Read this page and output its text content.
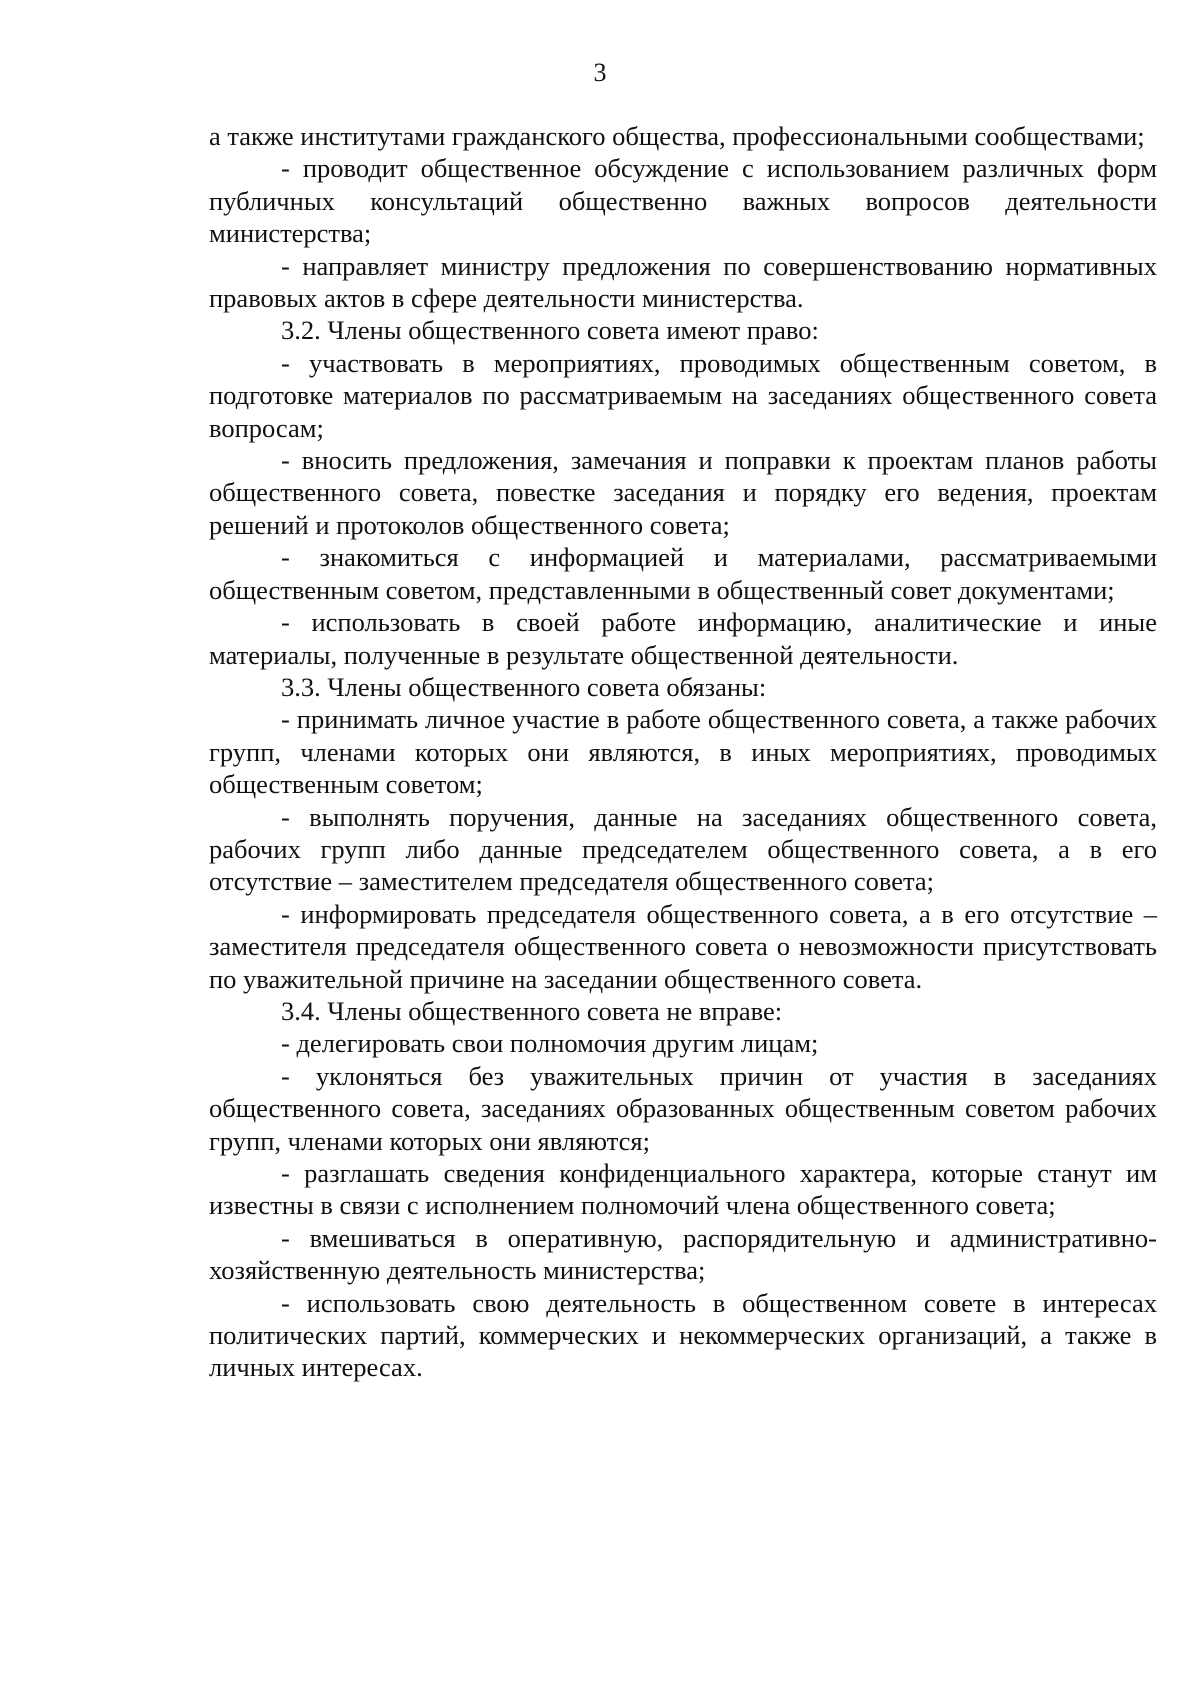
3

а также институтами гражданского общества, профессиональными сообществами;

- проводит общественное обсуждение с использованием различных форм публичных консультаций общественно важных вопросов деятельности министерства;

- направляет министру предложения по совершенствованию нормативных правовых актов в сфере деятельности министерства.

3.2. Члены общественного совета имеют право:

- участвовать в мероприятиях, проводимых общественным советом, в подготовке материалов по рассматриваемым на заседаниях общественного совета вопросам;

- вносить предложения, замечания и поправки к проектам планов работы общественного совета, повестке заседания и порядку его ведения, проектам решений и протоколов общественного совета;

- знакомиться с информацией и материалами, рассматриваемыми общественным советом, представленными в общественный совет документами;

- использовать в своей работе информацию, аналитические и иные материалы, полученные в результате общественной деятельности.

3.3. Члены общественного совета обязаны:

- принимать личное участие в работе общественного совета, а также рабочих групп, членами которых они являются, в иных мероприятиях, проводимых общественным советом;

- выполнять поручения, данные на заседаниях общественного совета, рабочих групп либо данные председателем общественного совета, а в его отсутствие – заместителем председателя общественного совета;

- информировать председателя общественного совета, а в его отсутствие – заместителя председателя общественного совета о невозможности присутствовать по уважительной причине на заседании общественного совета.

3.4. Члены общественного совета не вправе:

- делегировать свои полномочия другим лицам;

- уклоняться без уважительных причин от участия в заседаниях общественного совета, заседаниях образованных общественным советом рабочих групп, членами которых они являются;

- разглашать сведения конфиденциального характера, которые станут им известны в связи с исполнением полномочий члена общественного совета;

- вмешиваться в оперативную, распорядительную и административно-хозяйственную деятельность министерства;

- использовать свою деятельность в общественном совете в интересах политических партий, коммерческих и некоммерческих организаций, а также в личных интересах.
